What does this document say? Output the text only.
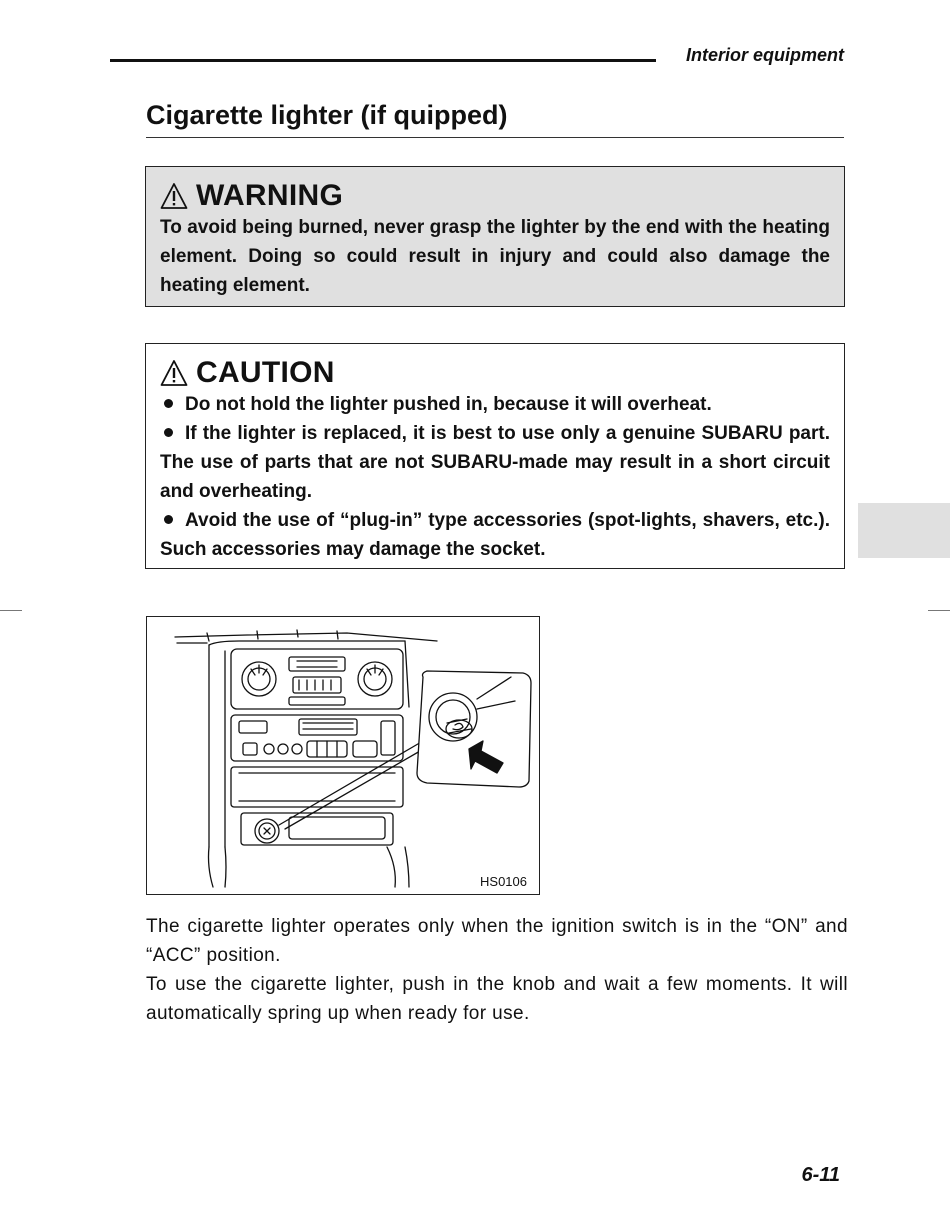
Interior equipment
Cigarette lighter (if quipped)
WARNING

To avoid being burned, never grasp the lighter by the end with the heating element. Doing so could result in injury and could also damage the heating element.

CAUTION

Do not hold the lighter pushed in, because it will overheat.

If the lighter is replaced, it is best to use only a genuine SUBARU part. The use of parts that are not SUBARU-made may result in a short circuit and overheating.

Avoid the use of “plug-in” type accessories (spot-lights, shavers, etc.). Such accessories may damage the socket.

HS0106

The cigarette lighter operates only when the ignition switch is in the “ON” and “ACC” position.
To use the cigarette lighter, push in the knob and wait a few moments. It will automatically spring up when ready for use.

6-11
